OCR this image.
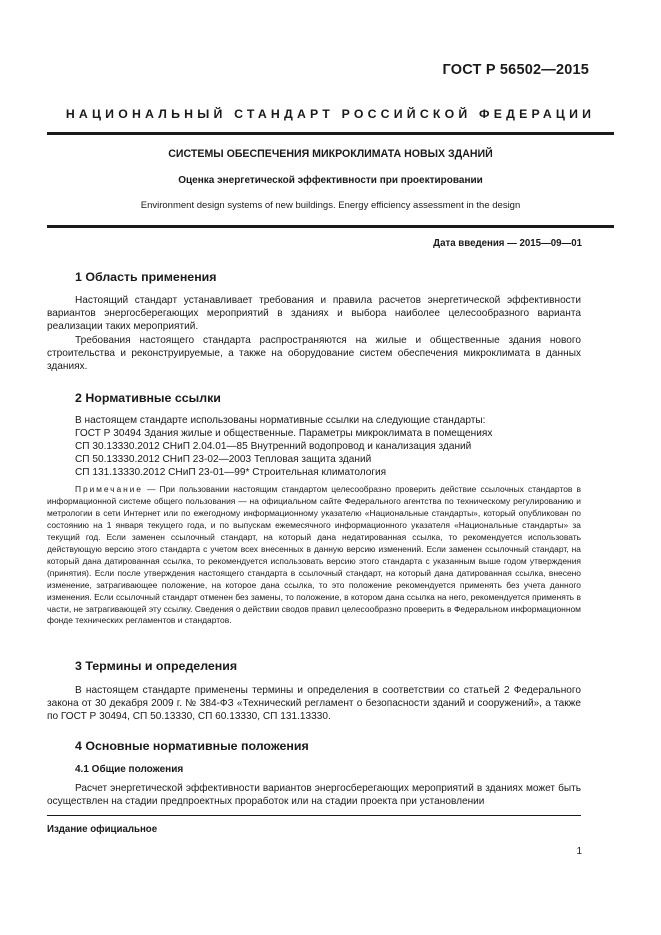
ГОСТ Р 56502—2015
НАЦИОНАЛЬНЫЙ СТАНДАРТ РОССИЙСКОЙ ФЕДЕРАЦИИ
СИСТЕМЫ ОБЕСПЕЧЕНИЯ МИКРОКЛИМАТА НОВЫХ ЗДАНИЙ
Оценка энергетической эффективности при проектировании
Environment design systems of new buildings. Energy efficiency assessment in the design
Дата введения — 2015—09—01
1 Область применения

Настоящий стандарт устанавливает требования и правила расчетов энергетической эффективности вариантов энергосберегающих мероприятий в зданиях и выбора наиболее целесообразного варианта реализации таких мероприятий.

Требования настоящего стандарта распространяются на жилые и общественные здания нового строительства и реконструируемые, а также на оборудование систем обеспечения микроклимата в данных зданиях.

2 Нормативные ссылки
В настоящем стандарте использованы нормативные ссылки на следующие стандарты:
ГОСТ Р 30494 Здания жилые и общественные. Параметры микроклимата в помещениях
СП 30.13330.2012 СНиП 2.04.01—85 Внутренний водопровод и канализация зданий
СП 50.13330.2012 СНиП 23-02—2003 Тепловая защита зданий
СП 131.13330.2012 СНиП 23-01—99* Строительная климатология

Примечание — При пользовании настоящим стандартом целесообразно проверить действие ссылочных стандартов в информационной системе общего пользования — на официальном сайте Федерального агентства по техническому регулированию и метрологии в сети Интернет или по ежегодному информационному указателю «Национальные стандарты», который опубликован по состоянию на 1 января текущего года, и по выпускам ежемесячного информационного указателя «Национальные стандарты» за текущий год. Если заменен ссылочный стандарт, на который дана недатированная ссылка, то рекомендуется использовать действующую версию этого стандарта с учетом всех внесенных в данную версию изменений. Если заменен ссылочный стандарт, на который дана датированная ссылка, то рекомендуется использовать версию этого стандарта с указанным выше годом утверждения (принятия). Если после утверждения настоящего стандарта в ссылочный стандарт, на который дана датированная ссылка, внесено изменение, затрагивающее положение, на которое дана ссылка, то это положение рекомендуется применять без учета данного изменения. Если ссылочный стандарт отменен без замены, то положение, в котором дана ссылка на него, рекомендуется применять в части, не затрагивающей эту ссылку. Сведения о действии сводов правил целесообразно проверить в Федеральном информационном фонде технических регламентов и стандартов.

3 Термины и определения

В настоящем стандарте применены термины и определения в соответствии со статьей 2 Федерального закона от 30 декабря 2009 г. № 384-ФЗ «Технический регламент о безопасности зданий и сооружений», а также по ГОСТ Р 30494, СП 50.13330, СП 60.13330, СП 131.13330.

4 Основные нормативные положения
4.1 Общие положения

Расчет энергетической эффективности вариантов энергосберегающих мероприятий в зданиях может быть осуществлен на стадии предпроектных проработок или на стадии проекта при установлении

Издание официальное
1
